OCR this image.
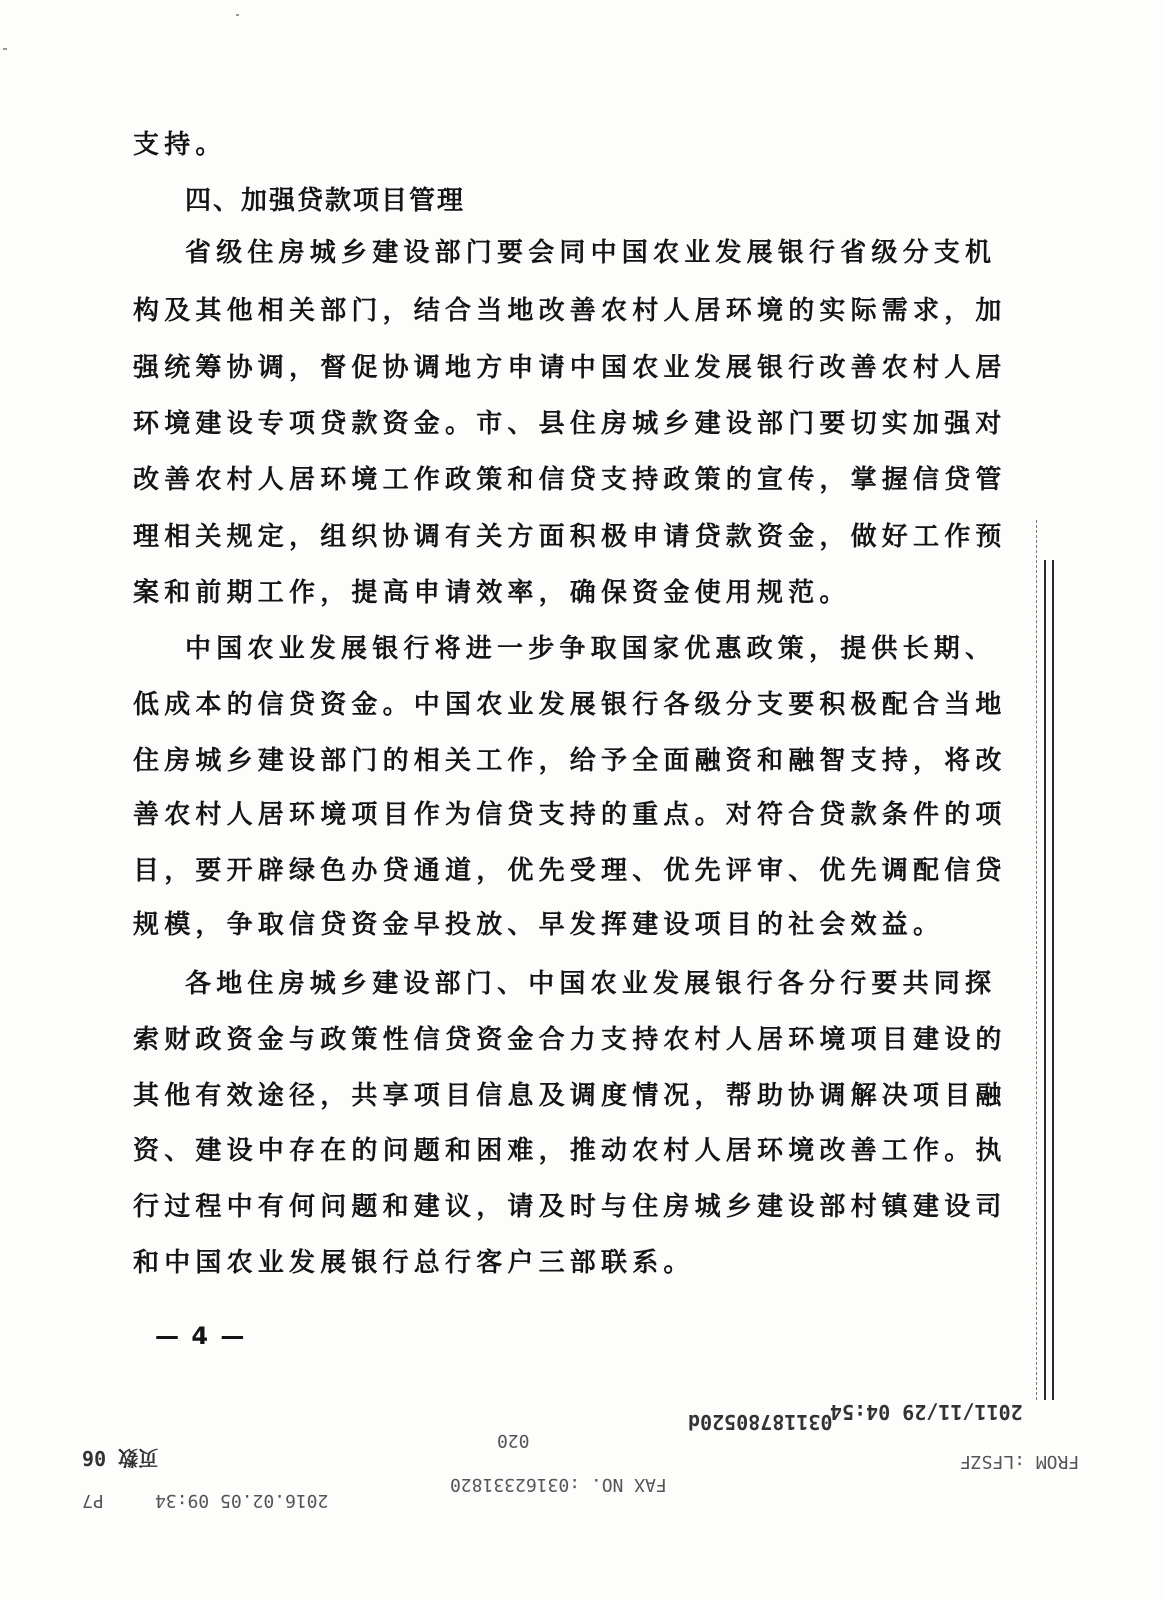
支持。
四、加强贷款项目管理
省级住房城乡建设部门要会同中国农业发展银行省级分支机
构及其他相关部门，结合当地改善农村人居环境的实际需求，加
强统筹协调，督促协调地方申请中国农业发展银行改善农村人居
环境建设专项贷款资金。市、县住房城乡建设部门要切实加强对
改善农村人居环境工作政策和信贷支持政策的宣传，掌握信贷管
理相关规定，组织协调有关方面积极申请贷款资金，做好工作预
案和前期工作，提高申请效率，确保资金使用规范。
中国农业发展银行将进一步争取国家优惠政策，提供长期、
低成本的信贷资金。中国农业发展银行各级分支要积极配合当地
住房城乡建设部门的相关工作，给予全面融资和融智支持，将改
善农村人居环境项目作为信贷支持的重点。对符合贷款条件的项
目，要开辟绿色办贷通道，优先受理、优先评审、优先调配信贷
规模，争取信贷资金早投放、早发挥建设项目的社会效益。
各地住房城乡建设部门、中国农业发展银行各分行要共同探
索财政资金与政策性信贷资金合力支持农村人居环境项目建设的
其他有效途径，共享项目信息及调度情况，帮助协调解决项目融
资、建设中存在的问题和困难，推动农村人居环境改善工作。执
行过程中有何问题和建议，请及时与住房城乡建设部村镇建设司
和中国农业发展银行总行客户三部联系。
— 4 —
2011/11/29 04:54
03118780520d
020
FROM :LFSZF
页数 06
FAX NO. :03162331820
2016.02.05 09:34
P7
